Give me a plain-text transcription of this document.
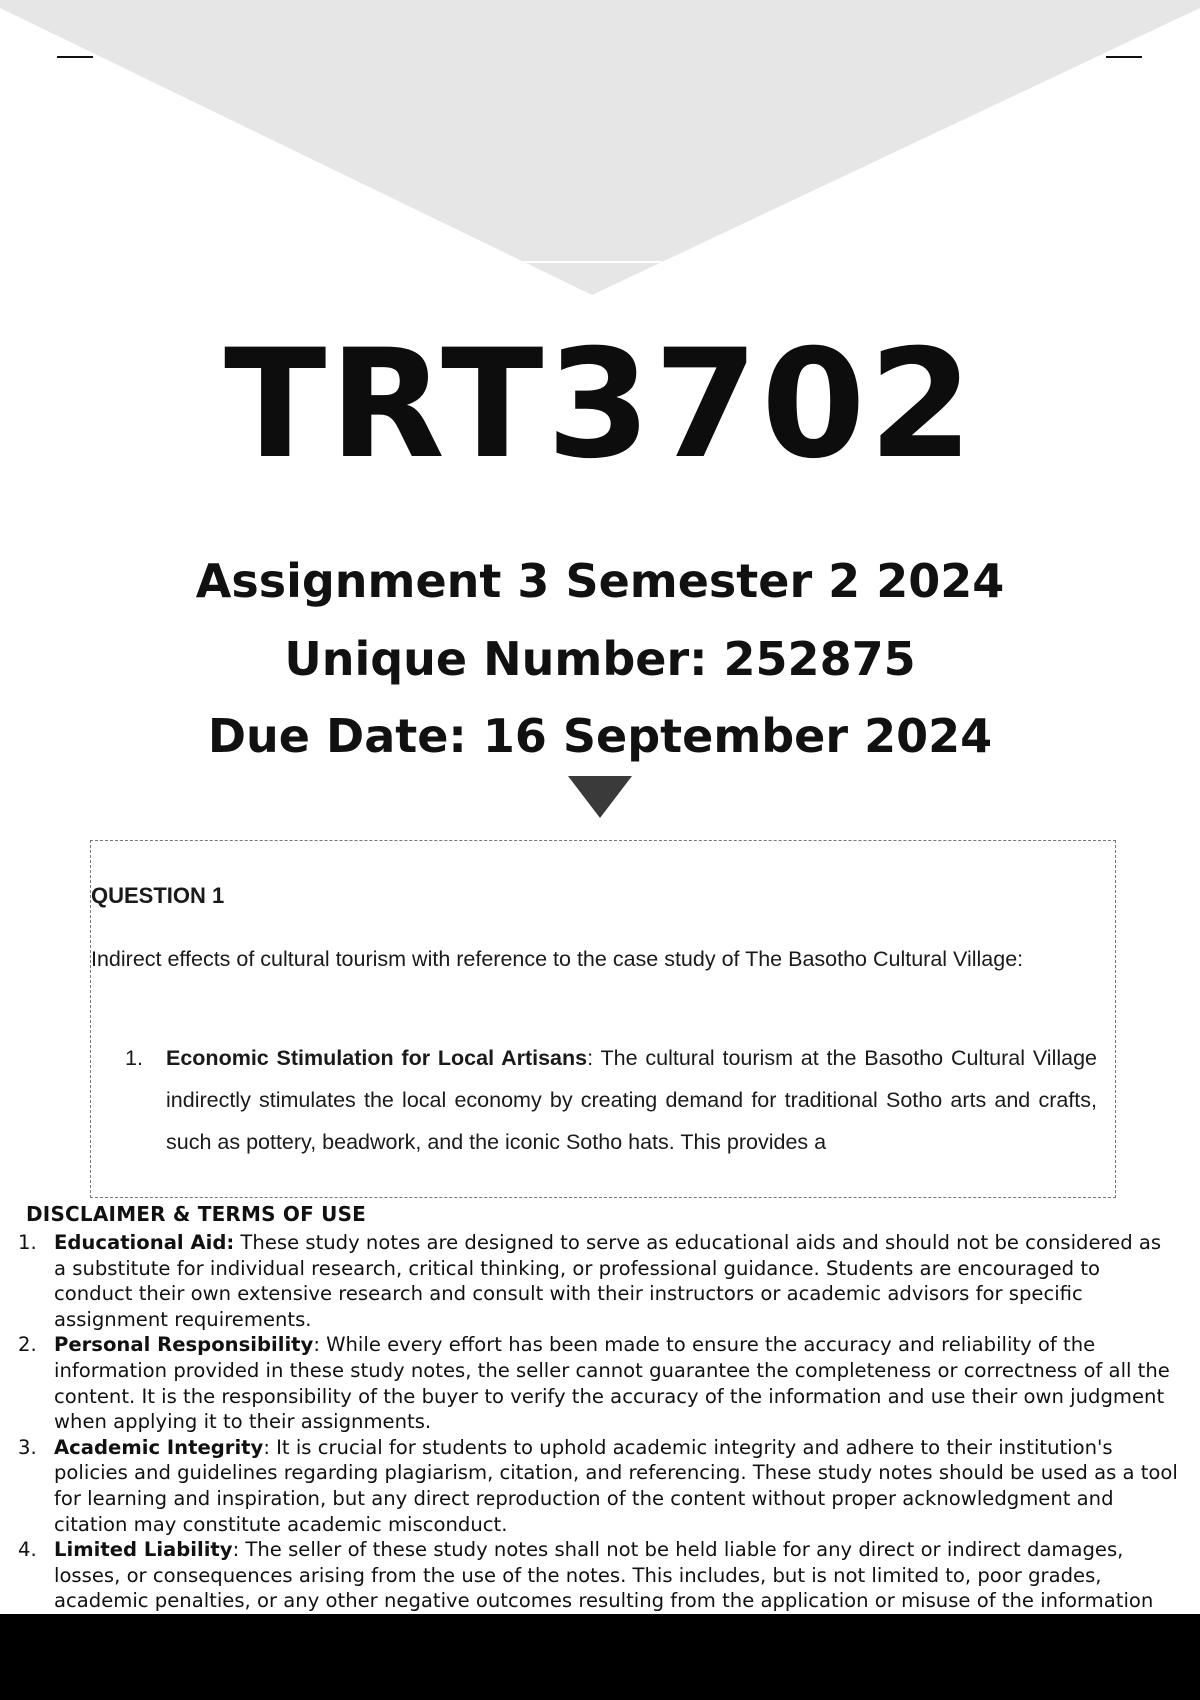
TRT3702
Assignment 3 Semester 2 2024
Unique Number: 252875
Due Date: 16 September 2024
QUESTION 1
Indirect effects of cultural tourism with reference to the case study of The Basotho Cultural Village:
1. Economic Stimulation for Local Artisans: The cultural tourism at the Basotho Cultural Village indirectly stimulates the local economy by creating demand for traditional Sotho arts and crafts, such as pottery, beadwork, and the iconic Sotho hats. This provides a
DISCLAIMER & TERMS OF USE
1. Educational Aid: These study notes are designed to serve as educational aids and should not be considered as a substitute for individual research, critical thinking, or professional guidance. Students are encouraged to conduct their own extensive research and consult with their instructors or academic advisors for specific assignment requirements.
2. Personal Responsibility: While every effort has been made to ensure the accuracy and reliability of the information provided in these study notes, the seller cannot guarantee the completeness or correctness of all the content. It is the responsibility of the buyer to verify the accuracy of the information and use their own judgment when applying it to their assignments.
3. Academic Integrity: It is crucial for students to uphold academic integrity and adhere to their institution's policies and guidelines regarding plagiarism, citation, and referencing. These study notes should be used as a tool for learning and inspiration, but any direct reproduction of the content without proper acknowledgment and citation may constitute academic misconduct.
4. Limited Liability: The seller of these study notes shall not be held liable for any direct or indirect damages, losses, or consequences arising from the use of the notes. This includes, but is not limited to, poor grades, academic penalties, or any other negative outcomes resulting from the application or misuse of the information
